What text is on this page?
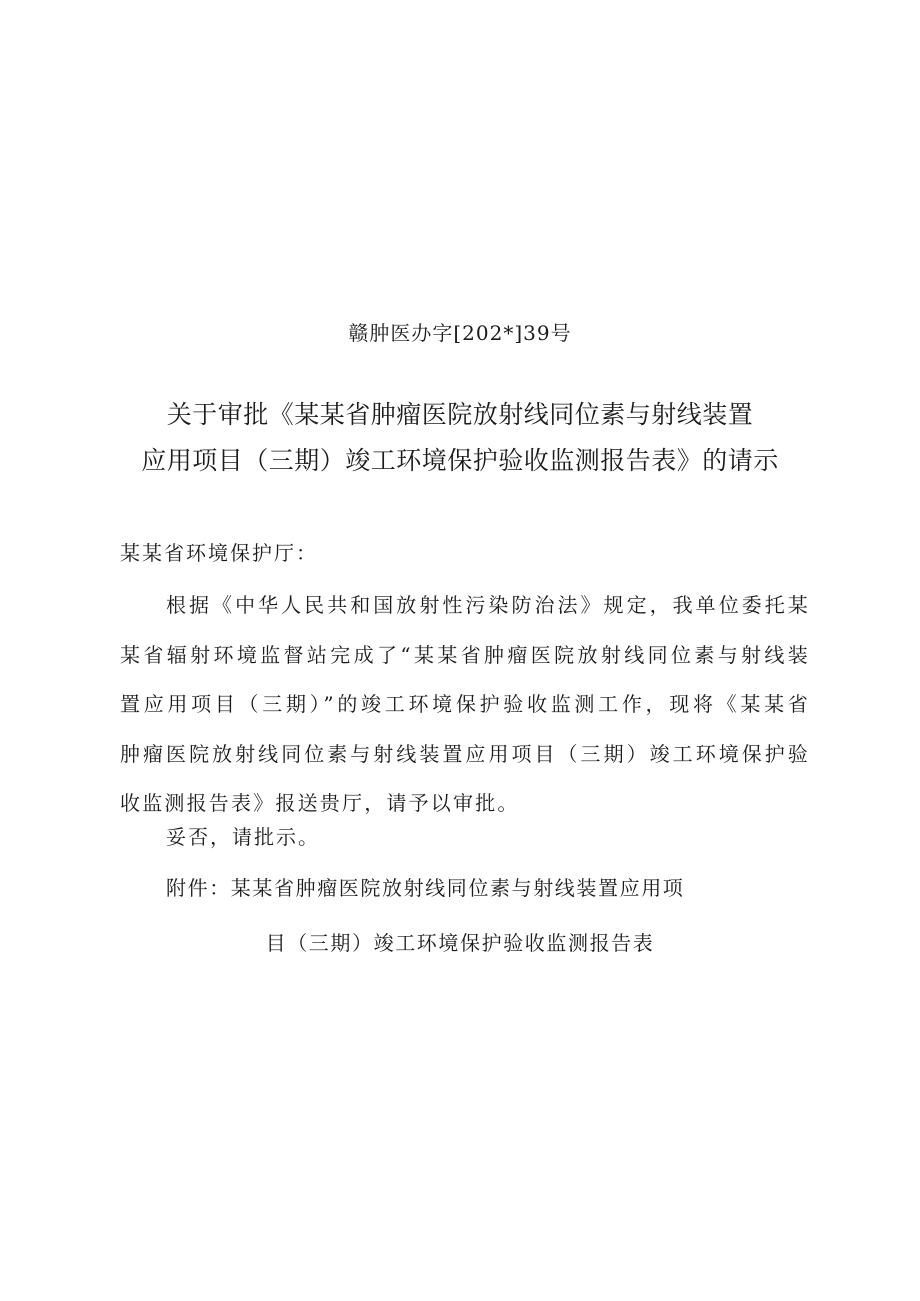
赣肿医办字[202*]39号
关于审批《某某省肿瘤医院放射线同位素与射线装置
应用项目（三期）竣工环境保护验收监测报告表》的请示
某某省环境保护厅：
根据《中华人民共和国放射性污染防治法》规定，我单位委托某
某省辐射环境监督站完成了“某某省肿瘤医院放射线同位素与射线装
置应用项目（三期）”的竣工环境保护验收监测工作，现将《某某省
肿瘤医院放射线同位素与射线装置应用项目（三期）竣工环境保护验
收监测报告表》报送贵厅，请予以审批。
妥否，请批示。
附件：某某省肿瘤医院放射线同位素与射线装置应用项
目（三期）竣工环境保护验收监测报告表
